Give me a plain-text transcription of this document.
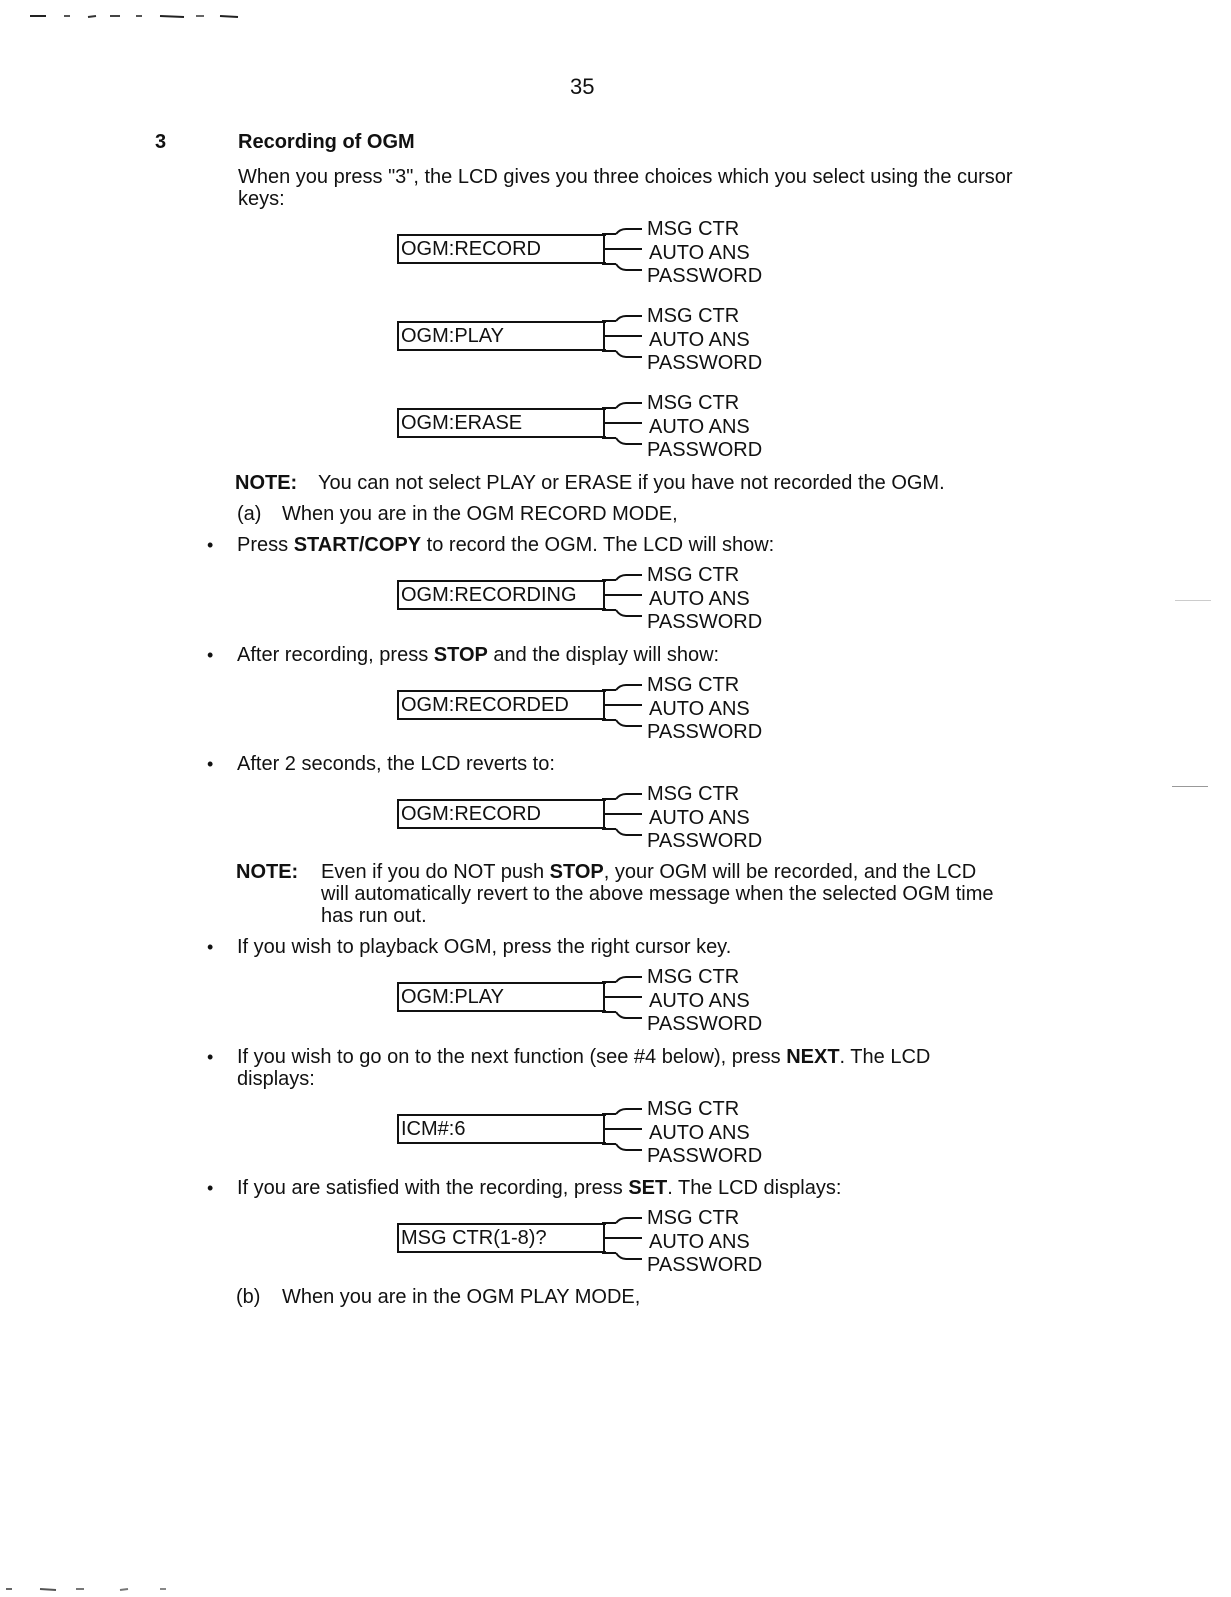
35
3	Recording of OGM
When you press "3", the LCD gives you three choices which you select using the cursor keys:
OGM:RECORD
MSG CTR
AUTO ANS
PASSWORD
OGM:PLAY
MSG CTR
AUTO ANS
PASSWORD
OGM:ERASE
MSG CTR
AUTO ANS
PASSWORD
NOTE: You can not select PLAY or ERASE if you have not recorded the OGM.
(a) When you are in the OGM RECORD MODE,
• Press START/COPY to record the OGM. The LCD will show:
OGM:RECORDING
MSG CTR
AUTO ANS
PASSWORD
• After recording, press STOP and the display will show:
OGM:RECORDED
MSG CTR
AUTO ANS
PASSWORD
• After 2 seconds, the LCD reverts to:
OGM:RECORD
MSG CTR
AUTO ANS
PASSWORD
NOTE: Even if you do NOT push STOP, your OGM will be recorded, and the LCD
will automatically revert to the above message when the selected OGM time
has run out.
• If you wish to playback OGM, press the right cursor key.
OGM:PLAY
MSG CTR
AUTO ANS
PASSWORD
• If you wish to go on to the next function (see #4 below), press NEXT. The LCD
displays:
ICM#:6
MSG CTR
AUTO ANS
PASSWORD
• If you are satisfied with the recording, press SET. The LCD displays:
MSG CTR(1-8)?
MSG CTR
AUTO ANS
PASSWORD
(b) When you are in the OGM PLAY MODE,
